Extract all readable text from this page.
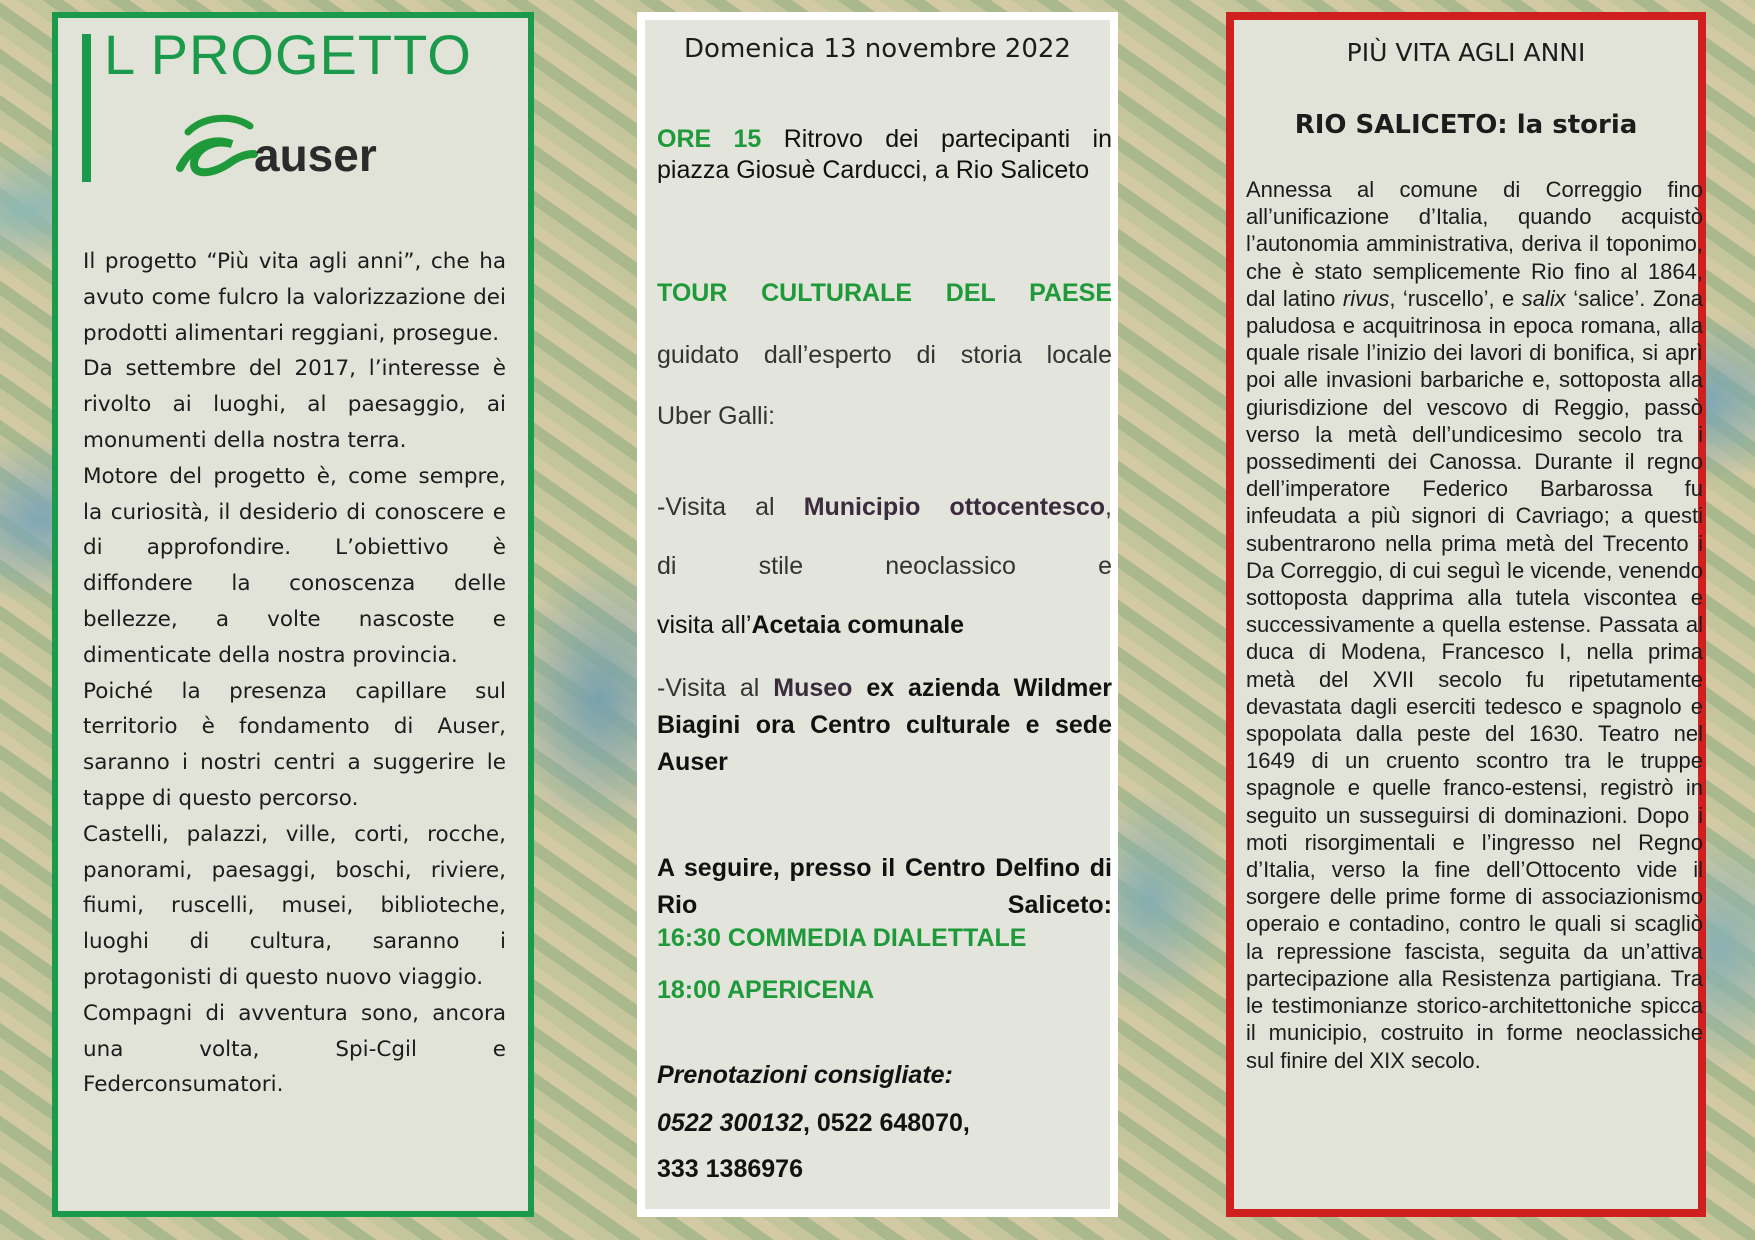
L PROGETTO
auser

Il progetto “Più vita agli anni”, che ha avuto come fulcro la valorizzazione dei prodotti alimentari reggiani, prosegue.

Da settembre del 2017, l’interesse è rivolto ai luoghi, al paesaggio, ai monumenti della nostra terra.

Motore del progetto è, come sempre, la curiosità, il desiderio di conoscere e di approfondire. L’obiettivo è diffondere la conoscenza delle bellezze, a volte nascoste e dimenticate della nostra provincia.

Poiché la presenza capillare sul territorio è fondamento di Auser, saranno i nostri centri a suggerire le tappe di questo percorso.

Castelli, palazzi, ville, corti, rocche, panorami, paesaggi, boschi, riviere, fiumi, ruscelli, musei, biblioteche, luoghi di cultura, saranno i protagonisti di questo nuovo viaggio.

Compagni di avventura sono, ancora una volta, Spi-Cgil e Federconsumatori.

Domenica 13 novembre 2022
ORE 15 Ritrovo dei partecipanti in piazza Giosuè Carducci, a Rio Saliceto
TOUR CULTURALE DEL PAESE
guidato dall’esperto di storia locale
Uber Galli:
-Visita al Municipio ottocentesco,
di stile neoclassico e
visita all’Acetaia comunale
-Visita al Museo ex azienda Wildmer Biagini ora Centro culturale e sede Auser
A seguire, presso il Centro Delfino di Rio Saliceto:
16:30 COMMEDIA DIALETTALE
18:00 APERICENA
Prenotazioni consigliate:
0522 300132, 0522 648070,
333 1386976
PIÙ VITA AGLI ANNI
RIO SALICETO: la storia

Annessa al comune di Correggio fino all’unificazione d’Italia, quando acquistò l’autonomia amministrativa, deriva il toponimo, che è stato semplicemente Rio fino al 1864, dal latino rivus, ‘ruscello’, e salix ‘salice’. Zona paludosa e acquitrinosa in epoca romana, alla quale risale l’inizio dei lavori di bonifica, si aprì poi alle invasioni barbariche e, sottoposta alla giurisdizione del vescovo di Reggio, passò verso la metà dell’undicesimo secolo tra i possedimenti dei Canossa. Durante il regno dell’imperatore Federico Barbarossa fu infeudata a più signori di Cavriago; a questi subentrarono nella prima metà del Trecento i Da Correggio, di cui seguì le vicende, venendo sottoposta dapprima alla tutela viscontea e successivamente a quella estense. Passata al duca di Modena, Francesco I, nella prima metà del XVII secolo fu ripetutamente devastata dagli eserciti tedesco e spagnolo e spopolata dalla peste del 1630. Teatro nel 1649 di un cruento scontro tra le truppe spagnole e quelle franco-estensi, registrò in seguito un susseguirsi di dominazioni. Dopo i moti risorgimentali e l’ingresso nel Regno d’Italia, verso la fine dell’Ottocento vide il sorgere delle prime forme di associazionismo operaio e contadino, contro le quali si scagliò la repressione fascista, seguita da un’attiva partecipazione alla Resistenza partigiana. Tra le testimonianze storico-architettoniche spicca il municipio, costruito in forme neoclassiche sul finire del XIX secolo.
